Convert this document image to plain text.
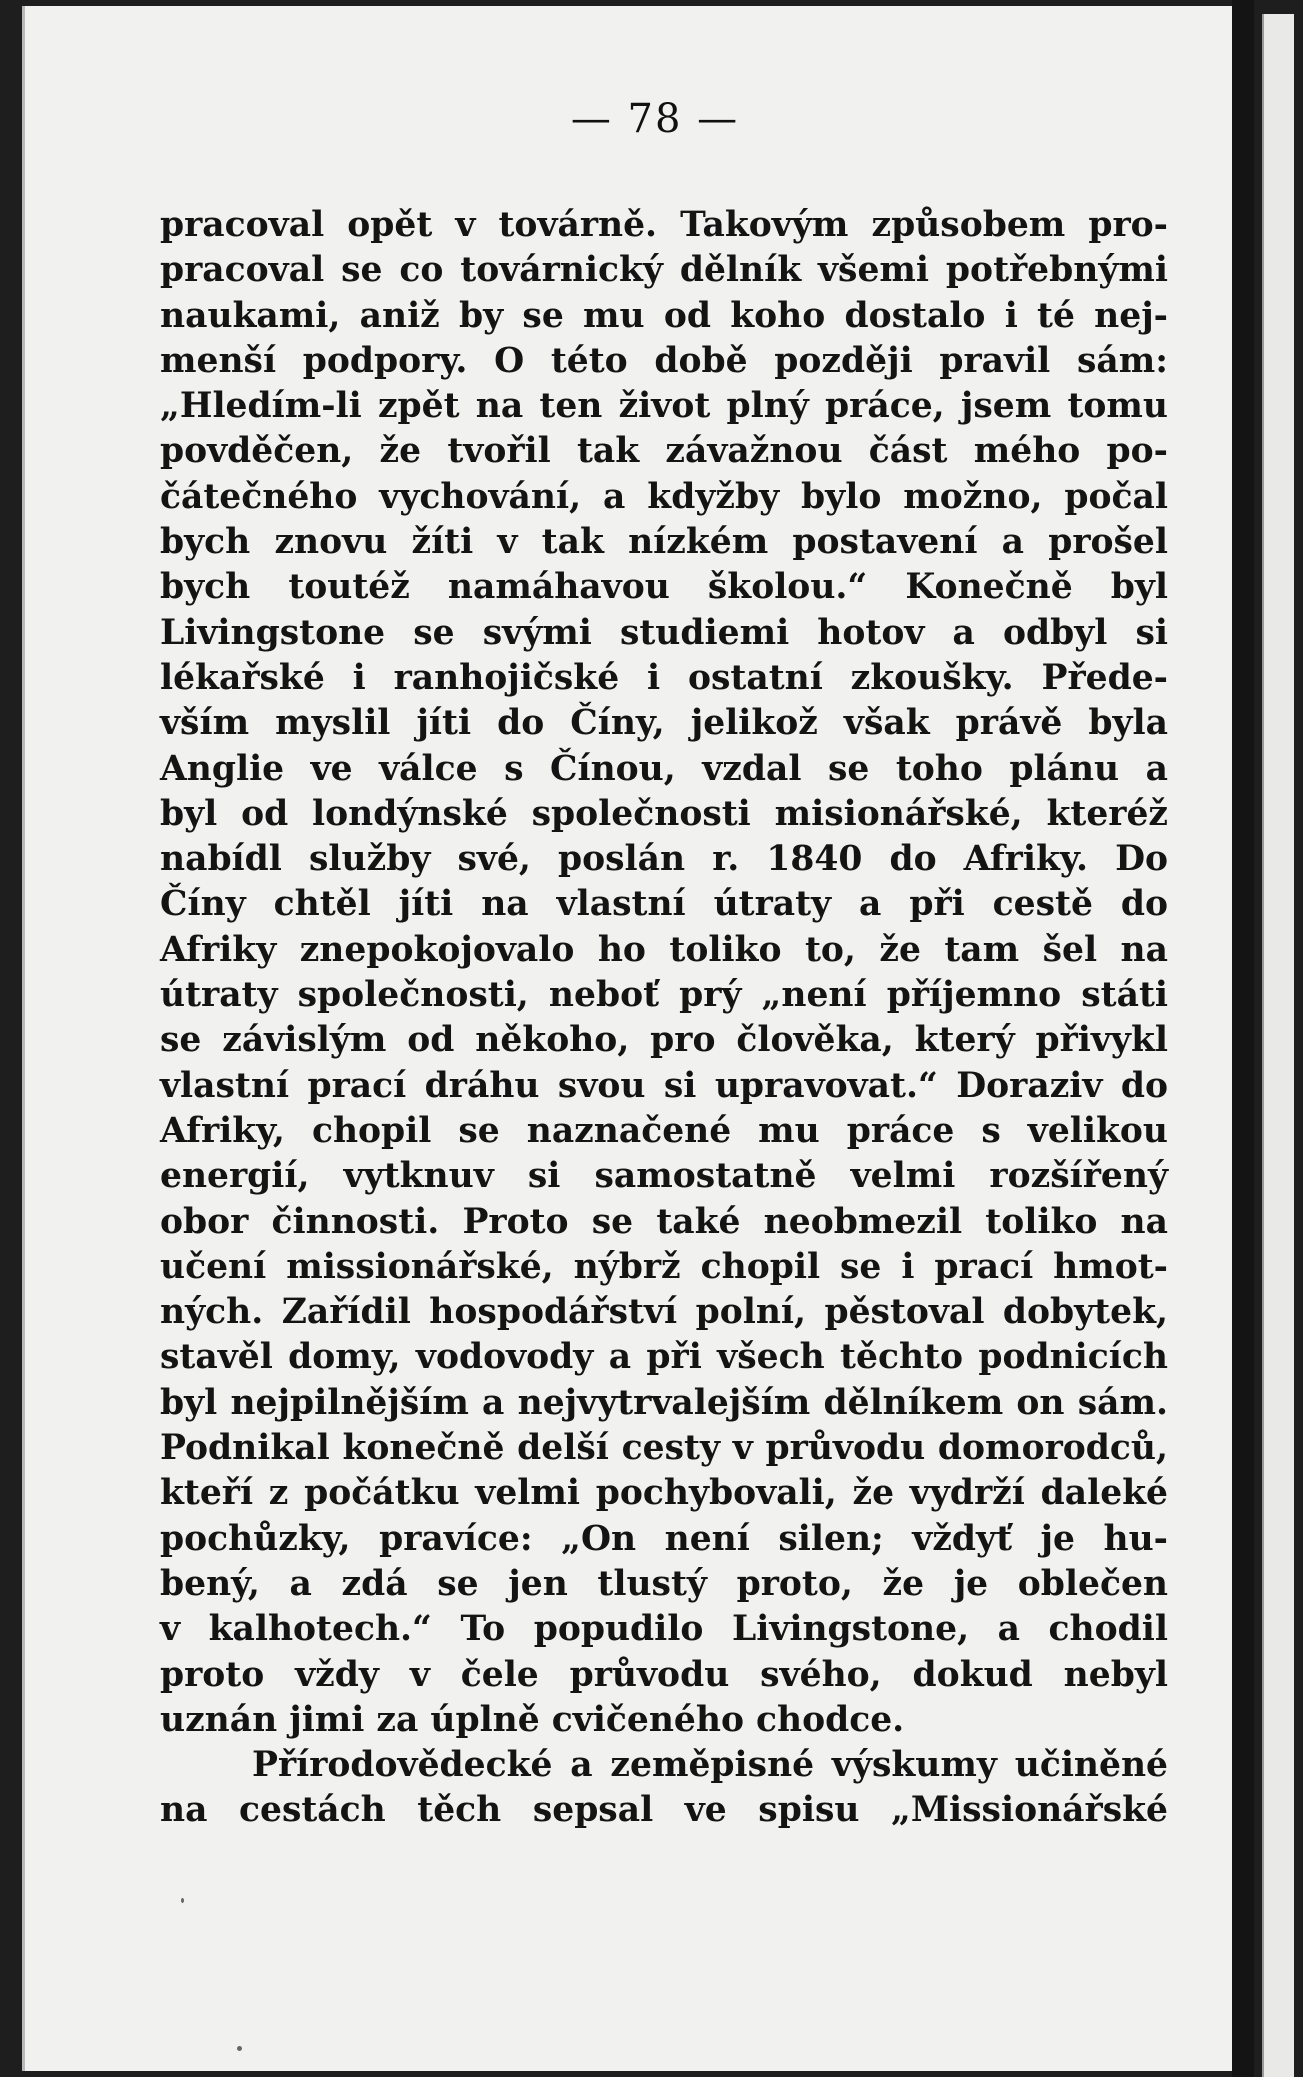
— 78 —
pracoval opět v továrně. Takovým způsobem pro-
pracoval se co továrnický dělník všemi potřebnými
naukami, aniž by se mu od koho dostalo i té nej-
menší podpory. O této době později pravil sám:
„Hledím-li zpět na ten život plný práce, jsem tomu
povděčen, že tvořil tak závažnou část mého po-
čátečného vychování, a kdyžby bylo možno, počal
bych znovu žíti v tak nízkém postavení a prošel
bych toutéž namáhavou školou.“ Konečně byl
Livingstone se svými studiemi hotov a odbyl si
lékařské i ranhojičské i ostatní zkoušky. Přede-
vším myslil jíti do Číny, jelikož však právě byla
Anglie ve válce s Čínou, vzdal se toho plánu a
byl od londýnské společnosti misionářské, kteréž
nabídl služby své, poslán r. 1840 do Afriky. Do
Číny chtěl jíti na vlastní útraty a při cestě do
Afriky znepokojovalo ho toliko to, že tam šel na
útraty společnosti, neboť prý „není příjemno státi
se závislým od někoho, pro člověka, který přivykl
vlastní prací dráhu svou si upravovat.“ Doraziv do
Afriky, chopil se naznačené mu práce s velikou
energií, vytknuv si samostatně velmi rozšířený
obor činnosti. Proto se také neobmezil toliko na
učení missionářské, nýbrž chopil se i prací hmot-
ných. Zařídil hospodářství polní, pěstoval dobytek,
stavěl domy, vodovody a při všech těchto podnicích
byl nejpilnějším a nejvytrvalejším dělníkem on sám.
Podnikal konečně delší cesty v průvodu domorodců,
kteří z počátku velmi pochybovali, že vydrží daleké
pochůzky, pravíce: „On není silen; vždyť je hu-
bený, a zdá se jen tlustý proto, že je oblečen
v kalhotech.“ To popudilo Livingstone, a chodil
proto vždy v čele průvodu svého, dokud nebyl
uznán jimi za úplně cvičeného chodce.
Přírodovědecké a zeměpisné výskumy učiněné
na cestách těch sepsal ve spisu „Missionářské
